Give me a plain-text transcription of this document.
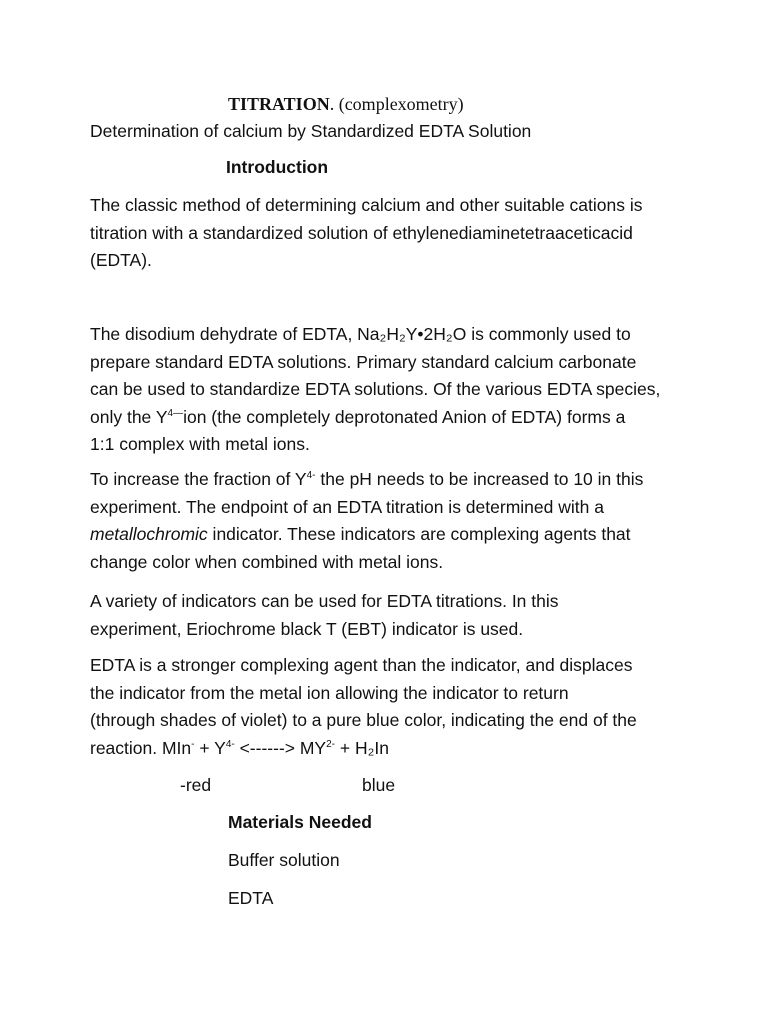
TITRATION. (complexometry)
Determination of calcium by Standardized EDTA Solution
Introduction
The classic method of determining calcium and other suitable cations is
titration with a standardized solution of ethylenediaminetetraaceticacid
(EDTA).
The disodium dehydrate of EDTA, Na₂H₂Y•2H₂O is commonly used to
prepare standard EDTA solutions. Primary standard calcium carbonate
can be used to standardize EDTA solutions. Of the various EDTA species,
only the $Y^{4—}ion$ (the completely deprotonated Anion of EDTA) forms a
1:1 complex with metal ions.
To increase the fraction of $Y^{4-}$ the pH needs to be increased to 10 in this
experiment. The endpoint of an EDTA titration is determined with a
metallochromic indicator. These indicators are complexing agents that
change color when combined with metal ions.
A variety of indicators can be used for EDTA titrations. In this
experiment, Eriochrome black T (EBT) indicator is used.
EDTA is a stronger complexing agent than the indicator, and displaces
the indicator from the metal ion allowing the indicator to return
(through shades of violet) to a pure blue color, indicating the end of the
reaction. $MIn^- + Y^{4-}$ <------> $MY^{2-} + H_2In$
-red	blue
Materials Needed
Buffer solution
EDTA
